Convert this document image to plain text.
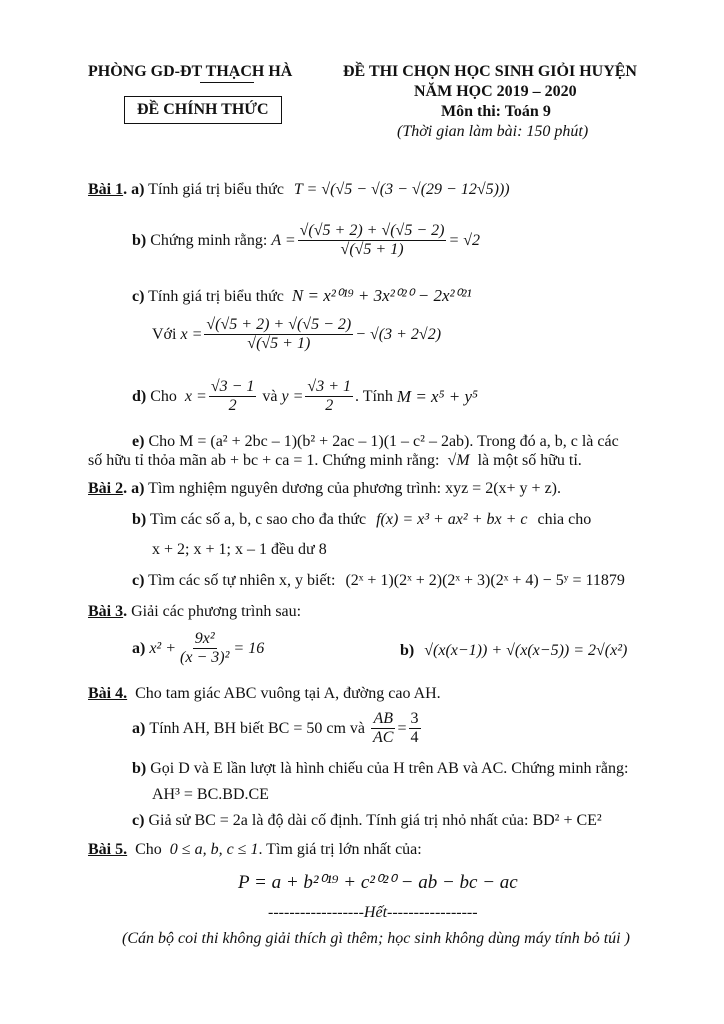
PHÒNG GD-ĐT THẠCH HÀ
ĐỀ CHÍNH THỨC
ĐỀ THI CHỌN HỌC SINH GIỎI HUYỆN
NĂM HỌC 2019 – 2020
Môn thi: Toán 9
(Thời gian làm bài: 150 phút)
Bài 1. a) Tính giá trị biểu thức T = √(√5 − √(3 − √(29 − 12√5)))
b)
Chứng minh rằng:
$A = \frac{√(√5 + 2) + √(√5 - 2)}{√(√5 + 1)} = √2$
c) Tính giá trị biểu thức N = x²⁰¹⁹ + 3x²⁰²⁰ − 2x²⁰²¹
Với
$x = \frac{√(√5 + 2) + √(√5 - 2)}{√(√5 + 1)} - √(3 + 2√2)$
d)
Cho
$x = \frac{√3 - 1}{2}$
và
$y = \frac{√3 + 1}{2}$ . Tính
M = x⁵ + y⁵
e) Cho M = (a² + 2bc – 1)(b² + 2ac – 1)(1 – c² – 2ab). Trong đó a, b, c là các
số hữu tỉ thỏa mãn ab + bc + ca = 1. Chứng minh rằng: √M là một số hữu tỉ.
Bài 2. a) Tìm nghiệm nguyên dương của phương trình: xyz = 2(x+ y + z).
b) Tìm các số a, b, c sao cho đa thức f(x) = x³ + ax² + bx + c chia cho
x + 2; x + 1; x – 1 đều dư 8
c) Tìm các số tự nhiên x, y biết: (2ˣ + 1)(2ˣ + 2)(2ˣ + 3)(2ˣ + 4) − 5ʸ = 11879
Bài 3. Giải các phương trình sau:
a)
$x^2 + \frac{\text{9x²}}{\text{(x − 3)²}} = 16$	b) √(x(x−1)) + √(x(x−5)) = 2√(x²)
Bài 4. Cho tam giác ABC vuông tại A, đường cao AH.
a)
Tính AH, BH biết BC = 50 cm và
$\frac{AB}{AC} = \frac{3}{4}$
b) Gọi D và E lần lượt là hình chiếu của H trên AB và AC. Chứng minh rằng:
AH³ = BC.BD.CE
c) Giả sử BC = 2a là độ dài cố định. Tính giá trị nhỏ nhất của: BD² + CE²
Bài 5. Cho 0 ≤ a, b, c ≤ 1. Tìm giá trị lớn nhất của:
P = a + b²⁰¹⁹ + c²⁰²⁰ − ab − bc − ac
------------------Hết-----------------
(Cán bộ coi thi không giải thích gì thêm; học sinh không dùng máy tính bỏ túi )
